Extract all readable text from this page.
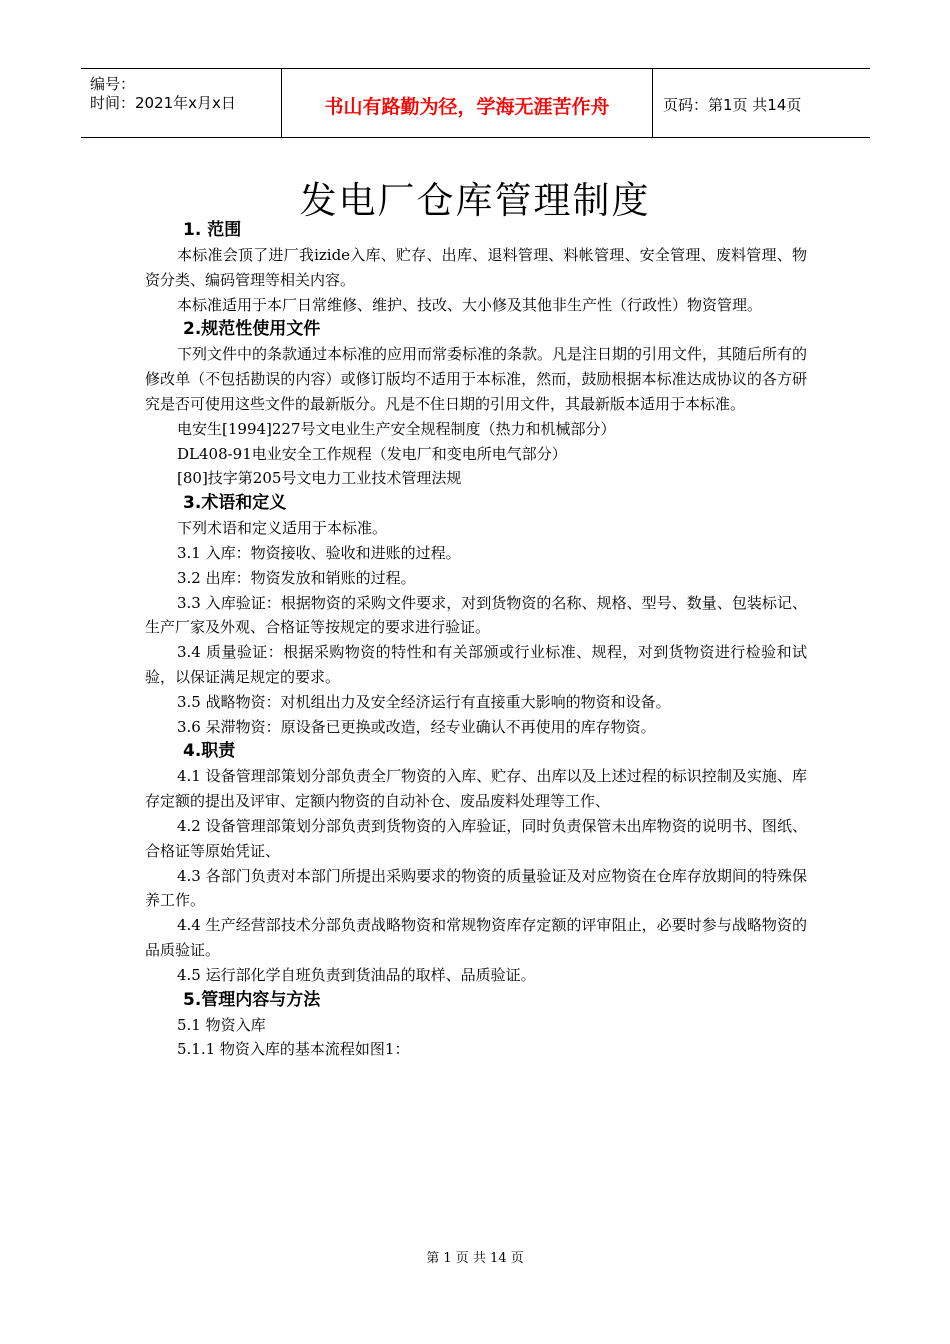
编号：
时间：2021年x月x日	书山有路勤为径，学海无涯苦作舟	页码：第1页 共14页
发电厂仓库管理制度
1. 范围

本标准会顶了进厂我izide入库、贮存、出库、退料管理、料帐管理、安全管理、废料管理、物资分类、编码管理等相关内容。

本标准适用于本厂日常维修、维护、技改、大小修及其他非生产性（行政性）物资管理。

2.规范性使用文件

下列文件中的条款通过本标准的应用而常委标准的条款。凡是注日期的引用文件，其随后所有的修改单（不包括勘误的内容）或修订版均不适用于本标准，然而，鼓励根据本标准达成协议的各方研究是否可使用这些文件的最新版分。凡是不住日期的引用文件，其最新版本适用于本标准。

电安生[1994]227号文电业生产安全规程制度（热力和机械部分）

DL408-91电业安全工作规程（发电厂和变电所电气部分）

[80]技字第205号文电力工业技术管理法规

3.术语和定义

下列术语和定义适用于本标准。

3.1 入库：物资接收、验收和进账的过程。

3.2 出库：物资发放和销账的过程。

3.3 入库验证：根据物资的采购文件要求，对到货物资的名称、规格、型号、数量、包装标记、生产厂家及外观、合格证等按规定的要求进行验证。

3.4 质量验证：根据采购物资的特性和有关部颁或行业标准、规程，对到货物资进行检验和试验，以保证满足规定的要求。

3.5 战略物资：对机组出力及安全经济运行有直接重大影响的物资和设备。

3.6 呆滞物资：原设备已更换或改造，经专业确认不再使用的库存物资。

4.职责

4.1 设备管理部策划分部负责全厂物资的入库、贮存、出库以及上述过程的标识控制及实施、库存定额的提出及评审、定额内物资的自动补仓、废品废料处理等工作、

4.2 设备管理部策划分部负责到货物资的入库验证，同时负责保管未出库物资的说明书、图纸、合格证等原始凭证、

4.3 各部门负责对本部门所提出采购要求的物资的质量验证及对应物资在仓库存放期间的特殊保养工作。

4.4 生产经营部技术分部负责战略物资和常规物资库存定额的评审阻止，必要时参与战略物资的品质验证。

4.5 运行部化学自班负责到货油品的取样、品质验证。

5.管理内容与方法

5.1 物资入库

5.1.1 物资入库的基本流程如图1：

第 1 页 共 14 页
